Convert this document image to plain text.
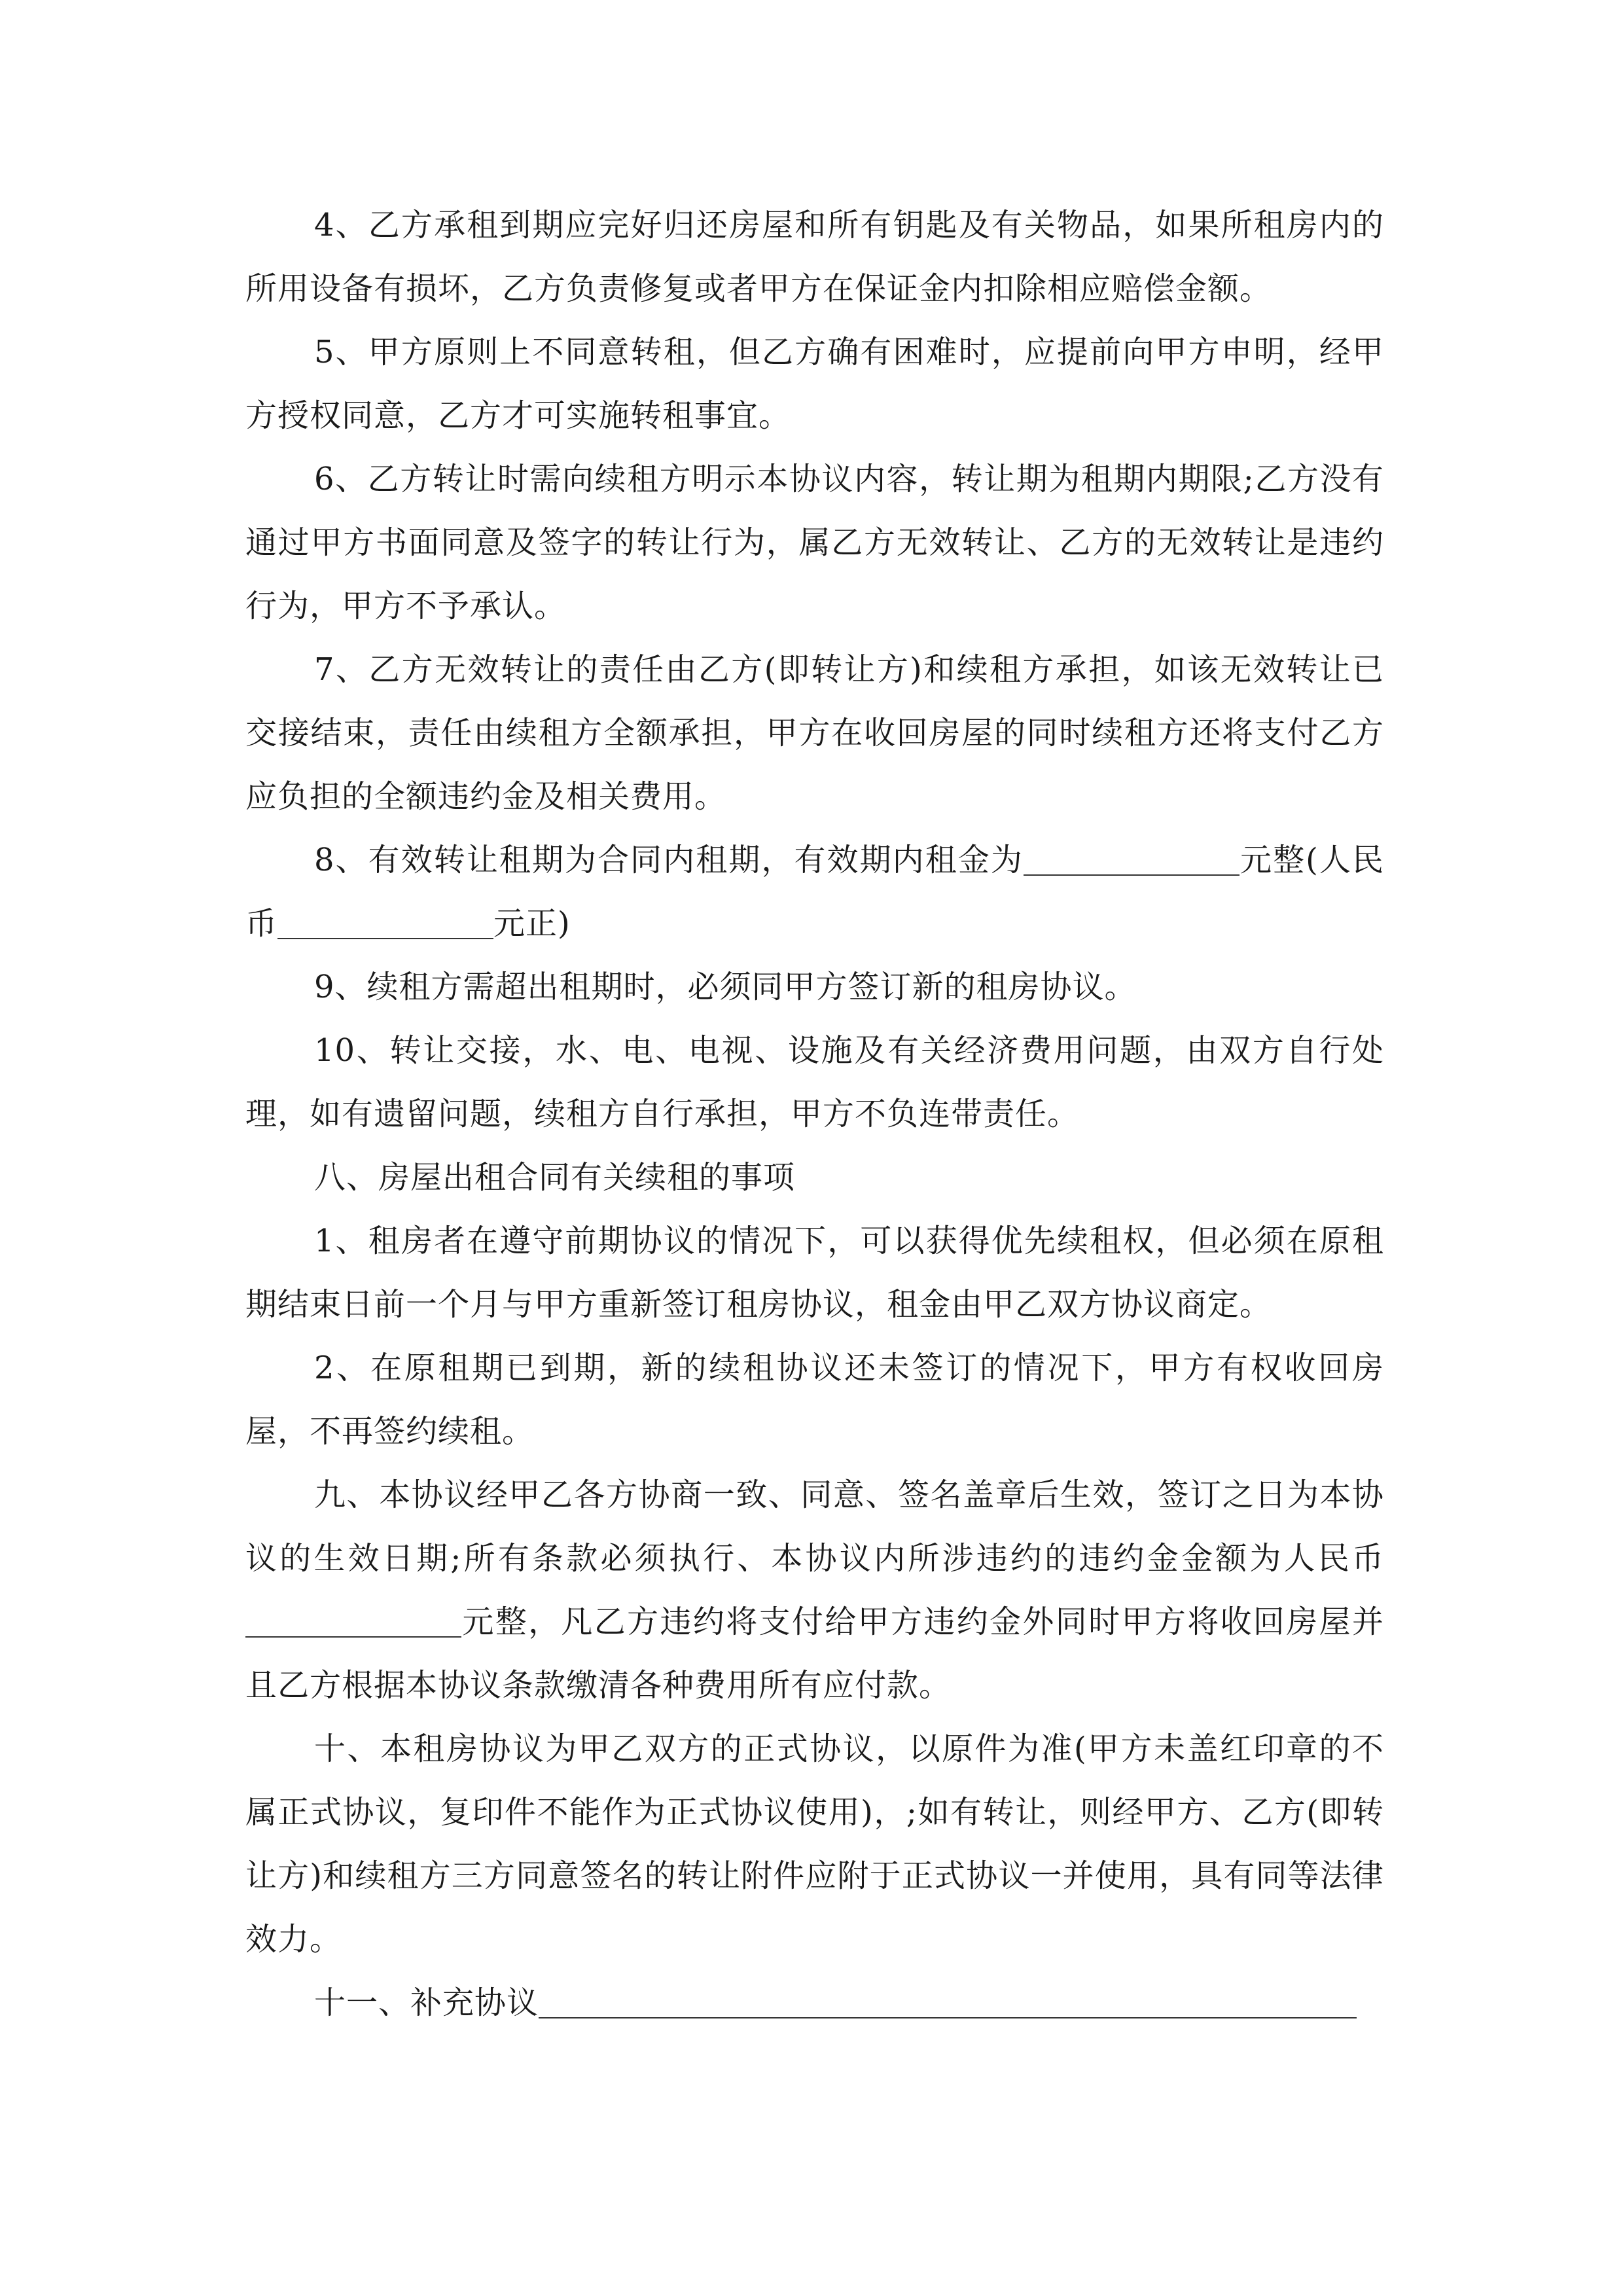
4、乙方承租到期应完好归还房屋和所有钥匙及有关物品，如果所租房内的所用设备有损坏，乙方负责修复或者甲方在保证金内扣除相应赔偿金额。

5、甲方原则上不同意转租，但乙方确有困难时，应提前向甲方申明，经甲方授权同意，乙方才可实施转租事宜。

6、乙方转让时需向续租方明示本协议内容，转让期为租期内期限;乙方没有通过甲方书面同意及签字的转让行为，属乙方无效转让、乙方的无效转让是违约行为，甲方不予承认。

7、乙方无效转让的责任由乙方(即转让方)和续租方承担，如该无效转让已交接结束，责任由续租方全额承担，甲方在收回房屋的同时续租方还将支付乙方应负担的全额违约金及相关费用。

8、有效转让租期为合同内租期，有效期内租金为	元整(人民币	元正)

9、续租方需超出租期时，必须同甲方签订新的租房协议。

10、转让交接，水、电、电视、设施及有关经济费用问题，由双方自行处理，如有遗留问题，续租方自行承担，甲方不负连带责任。

八、房屋出租合同有关续租的事项

1、租房者在遵守前期协议的情况下，可以获得优先续租权，但必须在原租期结束日前一个月与甲方重新签订租房协议，租金由甲乙双方协议商定。

2、在原租期已到期，新的续租协议还未签订的情况下，甲方有权收回房屋，不再签约续租。

九、本协议经甲乙各方协商一致、同意、签名盖章后生效，签订之日为本协议的生效日期;所有条款必须执行、本协议内所涉违约的违约金金额为人民币元整，凡乙方违约将支付给甲方违约金外同时甲方将收回房屋并且乙方根据本协议条款缴清各种费用所有应付款。

十、本租房协议为甲乙双方的正式协议，以原件为准(甲方未盖红印章的不属正式协议，复印件不能作为正式协议使用)，;如有转让，则经甲方、乙方(即转让方)和续租方三方同意签名的转让附件应附于正式协议一并使用，具有同等法律效力。

十一、补充协议
